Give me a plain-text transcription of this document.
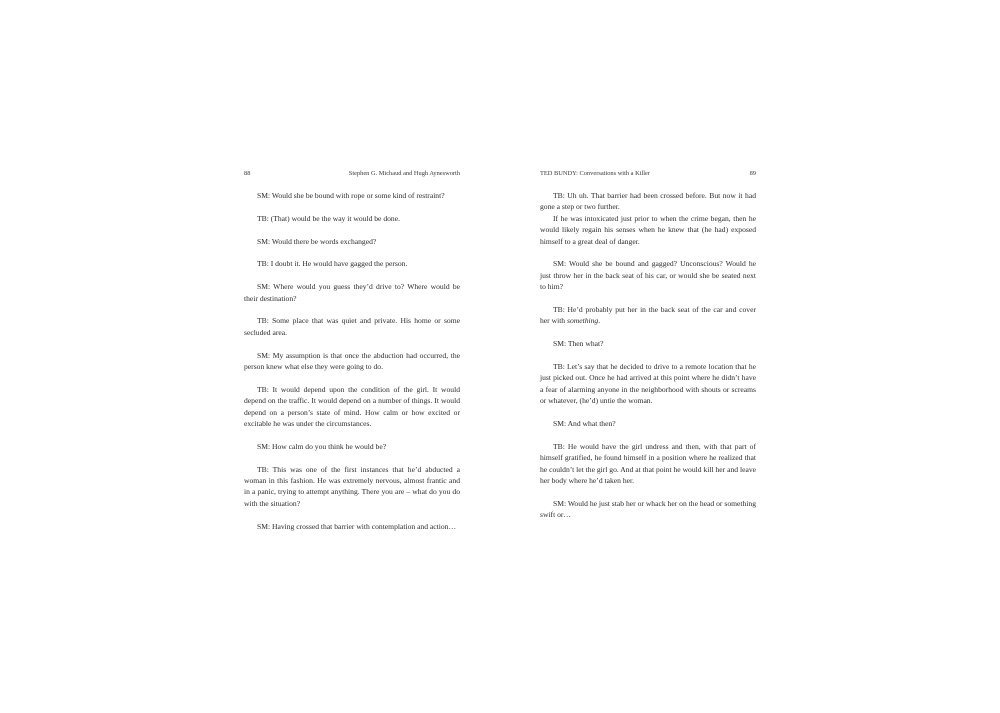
88	Stephen G. Michaud and Hugh Aynesworth

SM: Would she be bound with rope or some kind of restraint?

TB: (That) would be the way it would be done.

SM: Would there be words exchanged?

TB: I doubt it. He would have gagged the person.

SM: Where would you guess they’d drive to? Where would be their destination?

TB: Some place that was quiet and private. His home or some secluded area.

SM: My assumption is that once the abduction had occurred, the person knew what else they were going to do.

TB: It would depend upon the condition of the girl. It would depend on the traffic. It would depend on a number of things. It would depend on a person’s state of mind. How calm or how excited or excitable he was under the circumstances.

SM: How calm do you think he would be?

TB: This was one of the first instances that he’d abducted a woman in this fashion. He was extremely nervous, almost frantic and in a panic, trying to attempt anything. There you are – what do you do with the situation?

SM: Having crossed that barrier with contemplation and action…

TED BUNDY: Conversations with a Killer	89

TB: Uh uh. That barrier had been crossed before. But now it had gone a step or two further.

If he was intoxicated just prior to when the crime began, then he would likely regain his senses when he knew that (he had) exposed himself to a great deal of danger.

SM: Would she be bound and gagged? Unconscious? Would he just throw her in the back seat of his car, or would she be seated next to him?

TB: He’d probably put her in the back seat of the car and cover her with something.

SM: Then what?

TB: Let’s say that he decided to drive to a remote location that he just picked out. Once he had arrived at this point where he didn’t have a fear of alarming anyone in the neighborhood with shouts or screams or whatever, (he’d) untie the woman.

SM: And what then?

TB: He would have the girl undress and then, with that part of himself gratified, he found himself in a position where he realized that he couldn’t let the girl go. And at that point he would kill her and leave her body where he’d taken her.

SM: Would he just stab her or whack her on the head or something swift or…
